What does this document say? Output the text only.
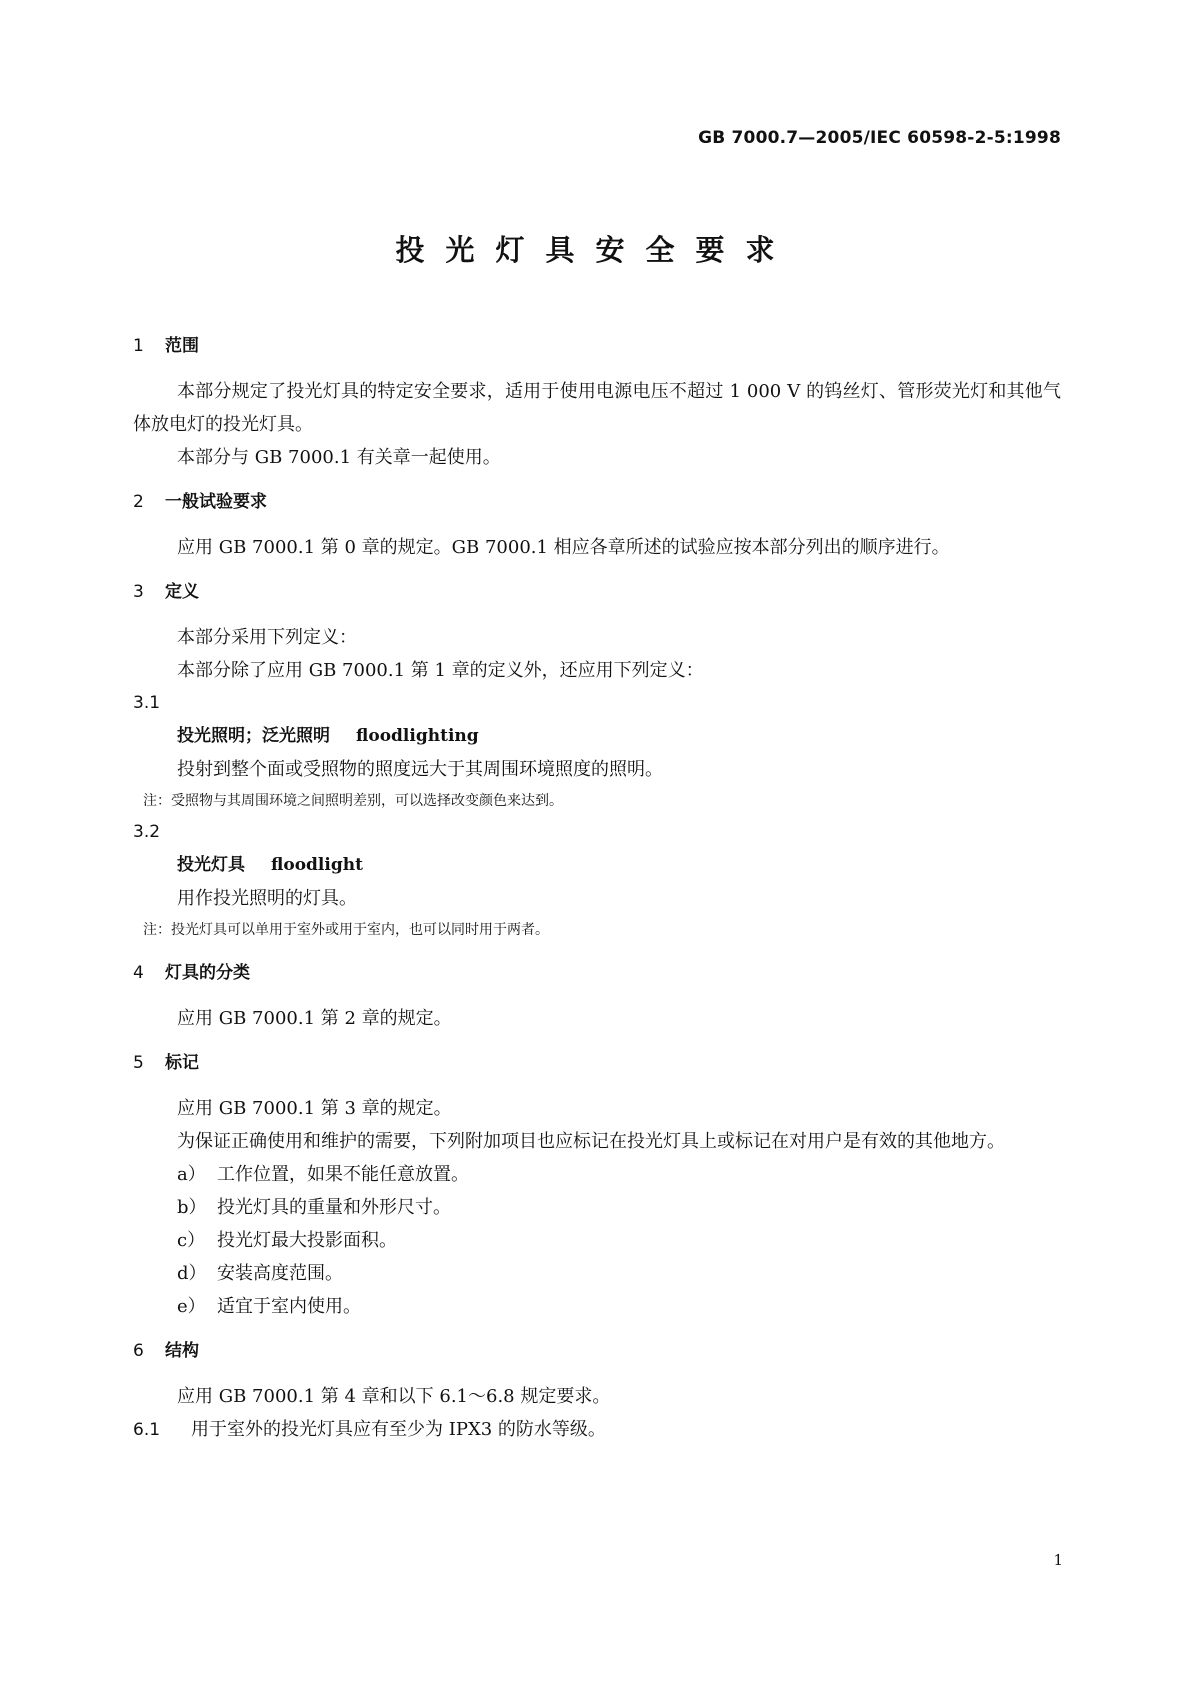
GB 7000.7—2005/IEC 60598-2-5:1998
投光灯具安全要求
1 范围

本部分规定了投光灯具的特定安全要求，适用于使用电源电压不超过 1 000 V 的钨丝灯、管形荧光灯和其他气体放电灯的投光灯具。

本部分与 GB 7000.1 有关章一起使用。

2 一般试验要求

应用 GB 7000.1 第 0 章的规定。GB 7000.1 相应各章所述的试验应按本部分列出的顺序进行。

3 定义

本部分采用下列定义：

本部分除了应用 GB 7000.1 第 1 章的定义外，还应用下列定义：

3.1
投光照明；泛光照明 floodlighting

投射到整个面或受照物的照度远大于其周围环境照度的照明。

注：受照物与其周围环境之间照明差别，可以选择改变颜色来达到。
3.2
投光灯具 floodlight

用作投光照明的灯具。

注：投光灯具可以单用于室外或用于室内，也可以同时用于两者。
4 灯具的分类

应用 GB 7000.1 第 2 章的规定。

5 标记

应用 GB 7000.1 第 3 章的规定。

为保证正确使用和维护的需要，下列附加项目也应标记在投光灯具上或标记在对用户是有效的其他地方。

a） 工作位置，如果不能任意放置。
b） 投光灯具的重量和外形尺寸。
c） 投光灯最大投影面积。
d） 安装高度范围。
e） 适宜于室内使用。
6 结构

应用 GB 7000.1 第 4 章和以下 6.1～6.8 规定要求。

6.1 用于室外的投光灯具应有至少为 IPX3 的防水等级。
1
